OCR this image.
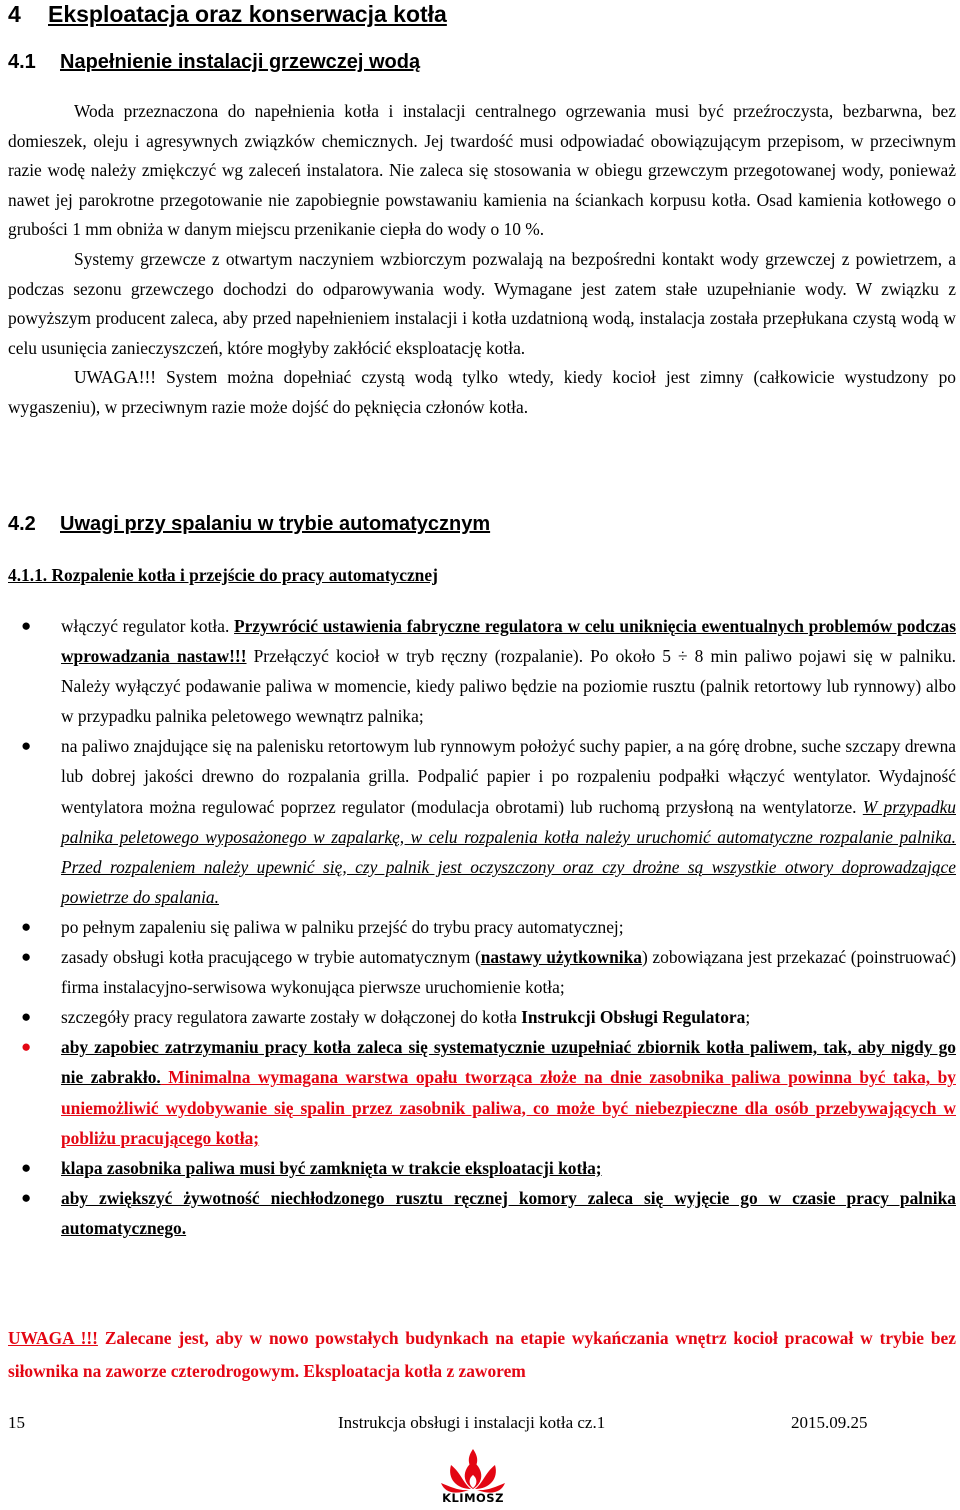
4 Eksploatacja oraz konserwacja kotła
4.1 Napełnienie instalacji grzewczej wodą

Woda przeznaczona do napełnienia kotła i instalacji centralnego ogrzewania musi być przeźroczysta, bezbarwna, bez domieszek, oleju i agresywnych związków chemicznych. Jej twardość musi odpowiadać obowiązującym przepisom, w przeciwnym razie wodę należy zmiękczyć wg zaleceń instalatora. Nie zaleca się stosowania w obiegu grzewczym przegotowanej wody, ponieważ nawet jej parokrotne przegotowanie nie zapobiegnie powstawaniu kamienia na ściankach korpusu kotła. Osad kamienia kotłowego o grubości 1 mm obniża w danym miejscu przenikanie ciepła do wody o 10 %.

Systemy grzewcze z otwartym naczyniem wzbiorczym pozwalają na bezpośredni kontakt wody grzewczej z powietrzem, a podczas sezonu grzewczego dochodzi do odparowywania wody. Wymagane jest zatem stałe uzupełnianie wody. W związku z powyższym producent zaleca, aby przed napełnieniem instalacji i kotła uzdatnioną wodą, instalacja została przepłukana czystą wodą w celu usunięcia zanieczyszczeń, które mogłyby zakłócić eksploatację kotła.

UWAGA!!! System można dopełniać czystą wodą tylko wtedy, kiedy kocioł jest zimny (całkowicie wystudzony po wygaszeniu), w przeciwnym razie może dojść do pęknięcia członów kotła.

4.2 Uwagi przy spalaniu w trybie automatycznym
4.1.1. Rozpalenie kotła i przejście do pracy automatycznej
● włączyć regulator kotła. Przywrócić ustawienia fabryczne regulatora w celu uniknięcia ewentualnych problemów podczas wprowadzania nastaw!!! Przełączyć kocioł w tryb ręczny (rozpalanie). Po około 5 ÷ 8 min paliwo pojawi się w palniku. Należy wyłączyć podawanie paliwa w momencie, kiedy paliwo będzie na poziomie rusztu (palnik retortowy lub rynnowy) albo w przypadku palnika peletowego wewnątrz palnika;
● na paliwo znajdujące się na palenisku retortowym lub rynnowym położyć suchy papier, a na górę drobne, suche szczapy drewna lub dobrej jakości drewno do rozpalania grilla. Podpalić papier i po rozpaleniu podpałki włączyć wentylator. Wydajność wentylatora można regulować poprzez regulator (modulacja obrotami) lub ruchomą przysłoną na wentylatorze. W przypadku palnika peletowego wyposażonego w zapalarkę, w celu rozpalenia kotła należy uruchomić automatyczne rozpalanie palnika. Przed rozpaleniem należy upewnić się, czy palnik jest oczyszczony oraz czy drożne są wszystkie otwory doprowadzające powietrze do spalania.
● po pełnym zapaleniu się paliwa w palniku przejść do trybu pracy automatycznej;
● zasady obsługi kotła pracującego w trybie automatycznym (nastawy użytkownika) zobowiązana jest przekazać (poinstruować) firma instalacyjno-serwisowa wykonująca pierwsze uruchomienie kotła;
● szczegóły pracy regulatora zawarte zostały w dołączonej do kotła Instrukcji Obsługi Regulatora;
● aby zapobiec zatrzymaniu pracy kotła zaleca się systematycznie uzupełniać zbiornik kotła paliwem, tak, aby nigdy go nie zabrakło. Minimalna wymagana warstwa opału tworząca złoże na dnie zasobnika paliwa powinna być taka, by uniemożliwić wydobywanie się spalin przez zasobnik paliwa, co może być niebezpieczne dla osób przebywających w pobliżu pracującego kotła;
● klapa zasobnika paliwa musi być zamknięta w trakcie eksploatacji kotła;
● aby zwiększyć żywotność niechłodzonego rusztu ręcznej komory zaleca się wyjęcie go w czasie pracy palnika automatycznego.
UWAGA !!! Zalecane jest, aby w nowo powstałych budynkach na etapie wykańczania wnętrz kocioł pracował w trybie bez siłownika na zaworze czterodrogowym. Eksploatacja kotła z zaworem
15	Instrukcja obsługi i instalacji kotła cz.1	2015.09.25
KLIMOSZ
